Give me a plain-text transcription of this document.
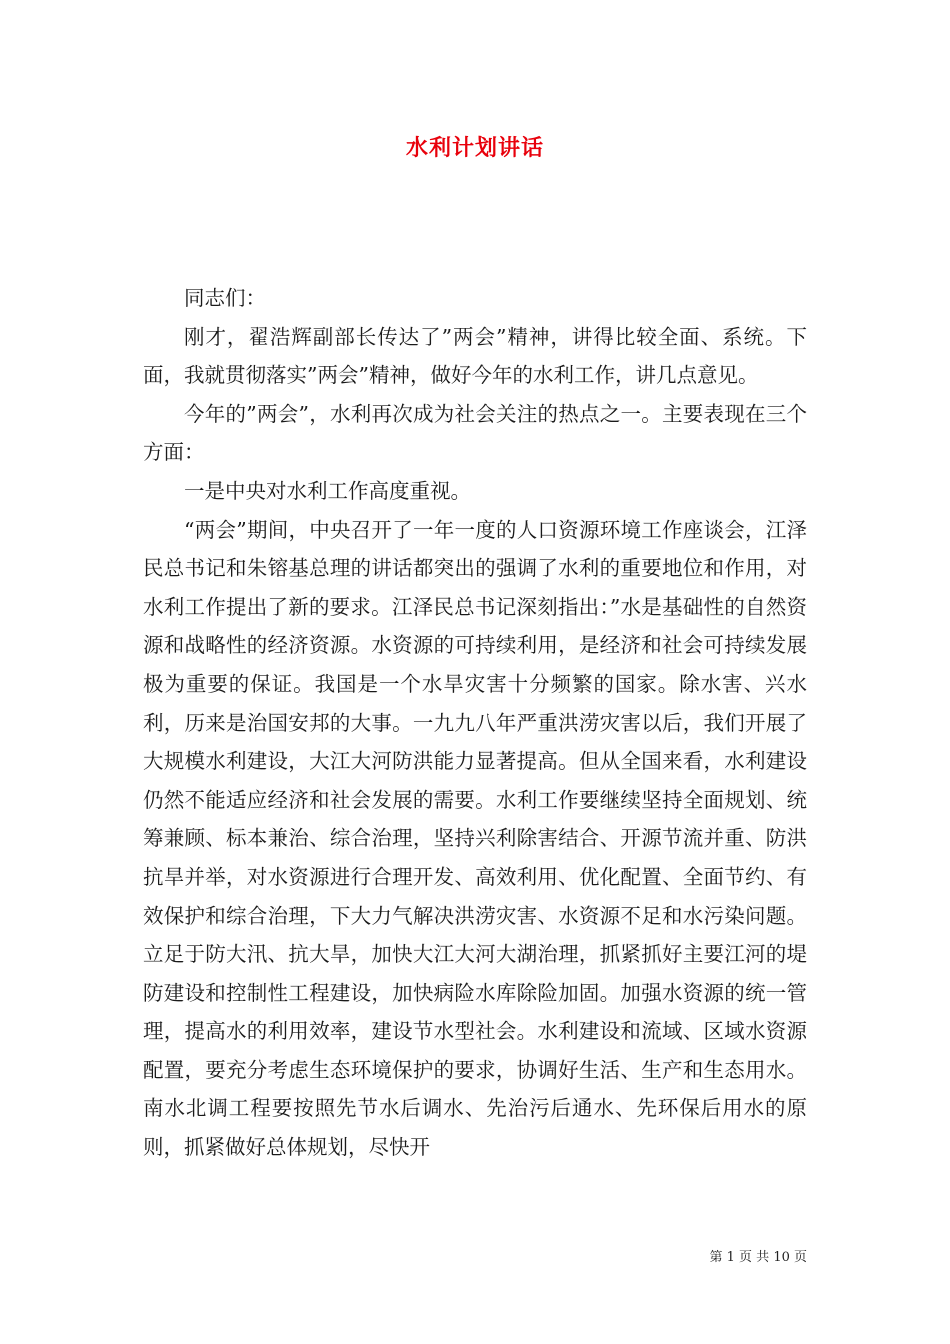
水利计划讲话

同志们：

刚才，翟浩辉副部长传达了”两会”精神，讲得比较全面、系统。下面，我就贯彻落实”两会”精神，做好今年的水利工作，讲几点意见。

今年的”两会”，水利再次成为社会关注的热点之一。主要表现在三个方面：

一是中央对水利工作高度重视。

“两会”期间，中央召开了一年一度的人口资源环境工作座谈会，江泽民总书记和朱镕基总理的讲话都突出的强调了水利的重要地位和作用，对水利工作提出了新的要求。江泽民总书记深刻指出：”水是基础性的自然资源和战略性的经济资源。水资源的可持续利用，是经济和社会可持续发展极为重要的保证。我国是一个水旱灾害十分频繁的国家。除水害、兴水利，历来是治国安邦的大事。一九九八年严重洪涝灾害以后，我们开展了大规模水利建设，大江大河防洪能力显著提高。但从全国来看，水利建设仍然不能适应经济和社会发展的需要。水利工作要继续坚持全面规划、统筹兼顾、标本兼治、综合治理，坚持兴利除害结合、开源节流并重、防洪抗旱并举，对水资源进行合理开发、高效利用、优化配置、全面节约、有效保护和综合治理，下大力气解决洪涝灾害、水资源不足和水污染问题。立足于防大汛、抗大旱，加快大江大河大湖治理，抓紧抓好主要江河的堤防建设和控制性工程建设，加快病险水库除险加固。加强水资源的统一管理，提高水的利用效率，建设节水型社会。水利建设和流域、区域水资源配置，要充分考虑生态环境保护的要求，协调好生活、生产和生态用水。南水北调工程要按照先节水后调水、先治污后通水、先环保后用水的原则，抓紧做好总体规划，尽快开

第 1 页 共 10 页
